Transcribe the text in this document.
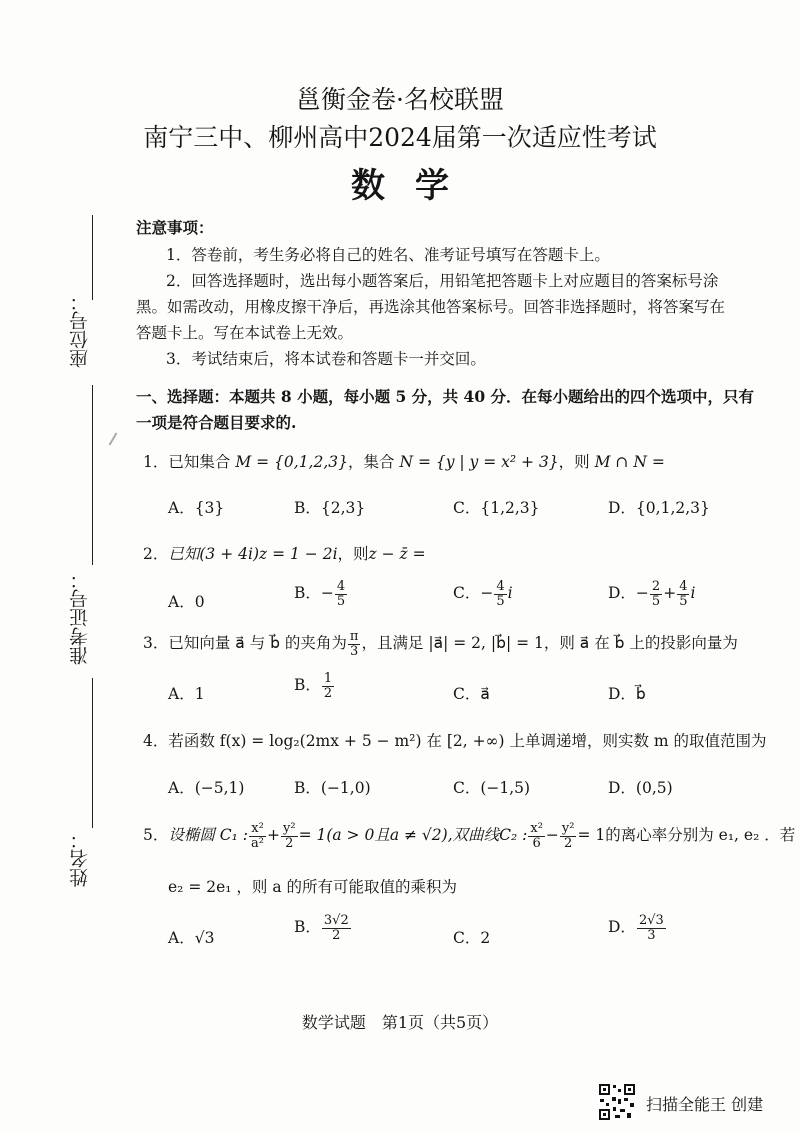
邕衡金卷·名校联盟
南宁三中、柳州高中2024届第一次适应性考试
数学
座位号：
准考证号：
姓名：
注意事项：
1．答卷前，考生务必将自己的姓名、准考证号填写在答题卡上。
2．回答选择题时，选出每小题答案后，用铅笔把答题卡上对应题目的答案标号涂
黑。如需改动，用橡皮擦干净后，再选涂其他答案标号。回答非选择题时，将答案写在
答题卡上。写在本试卷上无效。
3．考试结束后，将本试卷和答题卡一并交回。
一、选择题：本题共 8 小题，每小题 5 分，共 40 分．在每小题给出的四个选项中，只有
一项是符合题目要求的.
1．已知集合 M = {0,1,2,3}，集合 N = {y | y = x² + 3}，则 M ∩ N =
A．{3}	B．{2,3}	C．{1,2,3}	D．{0,1,2,3}
2．已知(3 + 4i)z = 1 − 2i，则z − z̄ =
A．0	B．− $\frac{4}{5}$	C．− $\frac{4}{5}$ i	D．− $\frac{2}{5} + \frac{4}{5}$ i
3．已知向量 a⃗ 与 b⃗ 的夹角为 $\frac{\pi}{3}$ ，且满足 |a⃗| = 2, |b⃗| = 1，则 a⃗ 在 b⃗ 上的投影向量为
A．1	B． $\frac{1}{2}$	C．a⃗	D．b⃗
4．若函数 f(x) = log₂(2mx + 5 − m²) 在 [2, +∞) 上单调递增，则实数 m 的取值范围为
A．(−5,1)	B．(−1,0)	C．(−1,5)	D．(0,5)
5．设椭圆 C₁ : $\frac{\text{x²}}{\text{a²}} + \frac{\text{y²}}{2} = 1(a > 0$且a ≠ √2),双曲线C₂ : $\frac{\text{x²}}{6} - \frac{\text{y²}}{2} = 1$的离心率分别为 e₁, e₂ ．若
e₂ = 2e₁ ，则 a 的所有可能取值的乘积为
A．√3
B． $\frac{3√2}{2}$	C．2
D． $\frac{2√3}{3}$
数学试题　第1页（共5页）
扫描全能王 创建
